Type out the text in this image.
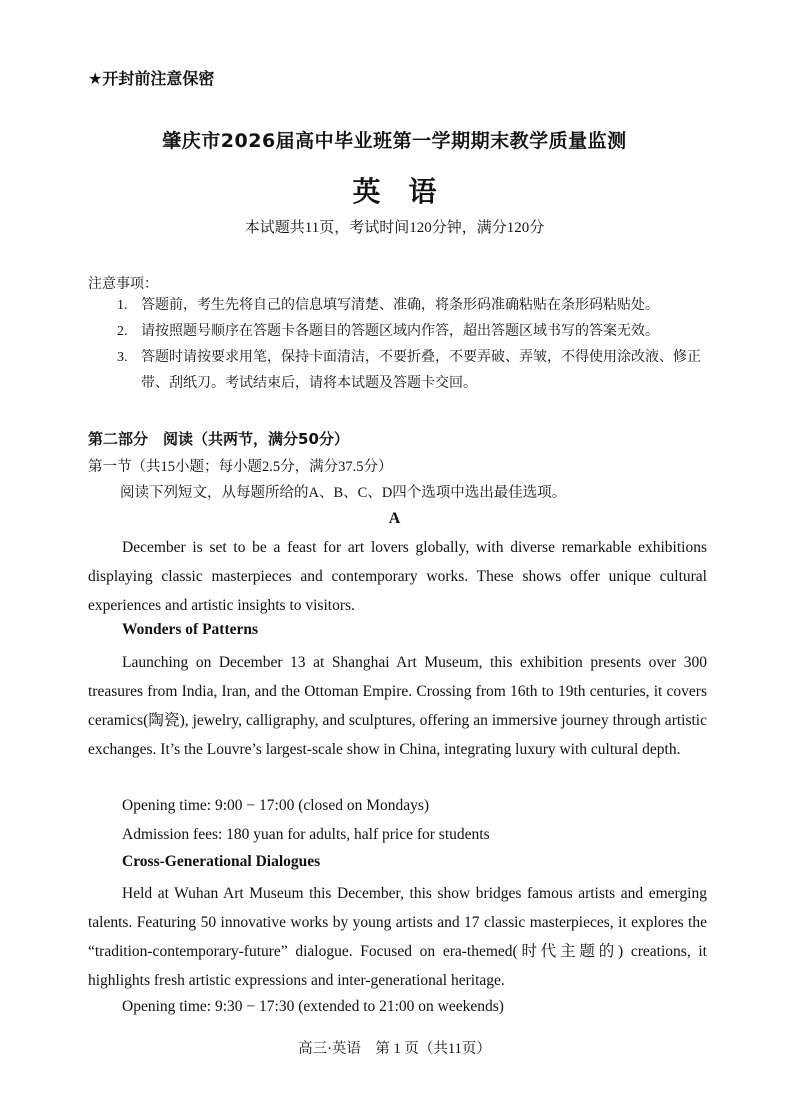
★开封前注意保密
肇庆市2026届高中毕业班第一学期期末教学质量监测
英语
本试题共11页，考试时间120分钟，满分120分
注意事项：
1. 答题前，考生先将自己的信息填写清楚、准确，将条形码准确粘贴在条形码粘贴处。
2. 请按照题号顺序在答题卡各题目的答题区域内作答，超出答题区域书写的答案无效。
3. 答题时请按要求用笔，保持卡面清洁，不要折叠，不要弄破、弄皱，不得使用涂改液、修正带、刮纸刀。考试结束后，请将本试题及答题卡交回。
第二部分　阅读（共两节，满分50分）
第一节（共15小题；每小题2.5分，满分37.5分）
阅读下列短文，从每题所给的A、B、C、D四个选项中选出最佳选项。
A
December is set to be a feast for art lovers globally, with diverse remarkable exhibitions displaying classic masterpieces and contemporary works. These shows offer unique cultural experiences and artistic insights to visitors.
Wonders of Patterns
Launching on December 13 at Shanghai Art Museum, this exhibition presents over 300 treasures from India, Iran, and the Ottoman Empire. Crossing from 16th to 19th centuries, it covers ceramics(陶瓷), jewelry, calligraphy, and sculptures, offering an immersive journey through artistic exchanges. It’s the Louvre’s largest-scale show in China, integrating luxury with cultural depth.
Opening time: 9:00 − 17:00 (closed on Mondays)
Admission fees: 180 yuan for adults, half price for students
Cross-Generational Dialogues
Held at Wuhan Art Museum this December, this show bridges famous artists and emerging talents. Featuring 50 innovative works by young artists and 17 classic masterpieces, it explores the “tradition-contemporary-future” dialogue. Focused on era-themed(时代主题的) creations, it highlights fresh artistic expressions and inter-generational heritage.
Opening time: 9:30 − 17:30 (extended to 21:00 on weekends)
高三·英语　第 1 页（共11页）
